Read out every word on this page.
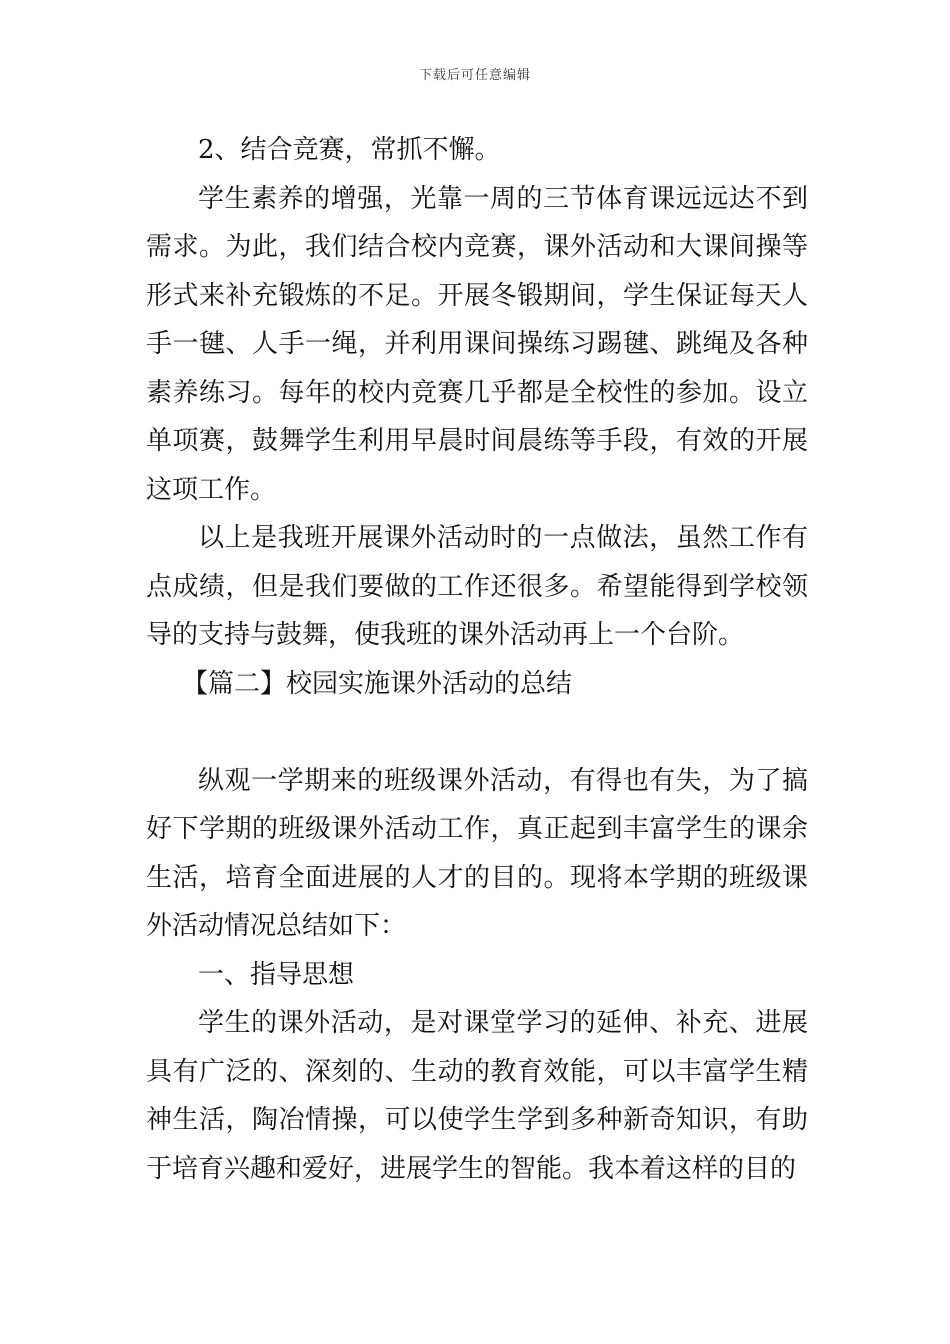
下载后可任意编辑

2、结合竞赛，常抓不懈。

学生素养的增强，光靠一周的三节体育课远远达不到需求。为此，我们结合校内竞赛，课外活动和大课间操等形式来补充锻炼的不足。开展冬锻期间，学生保证每天人手一毽、人手一绳，并利用课间操练习踢毽、跳绳及各种素养练习。每年的校内竞赛几乎都是全校性的参加。设立单项赛，鼓舞学生利用早晨时间晨练等手段，有效的开展这项工作。

以上是我班开展课外活动时的一点做法，虽然工作有点成绩，但是我们要做的工作还很多。希望能得到学校领导的支持与鼓舞，使我班的课外活动再上一个台阶。

【篇二】校园实施课外活动的总结

纵观一学期来的班级课外活动，有得也有失，为了搞好下学期的班级课外活动工作，真正起到丰富学生的课余生活，培育全面进展的人才的目的。现将本学期的班级课外活动情况总结如下：

一、指导思想

学生的课外活动，是对课堂学习的延伸、补充、进展具有广泛的、深刻的、生动的教育效能，可以丰富学生精神生活，陶冶情操，可以使学生学到多种新奇知识，有助于培育兴趣和爱好，进展学生的智能。我本着这样的目的
